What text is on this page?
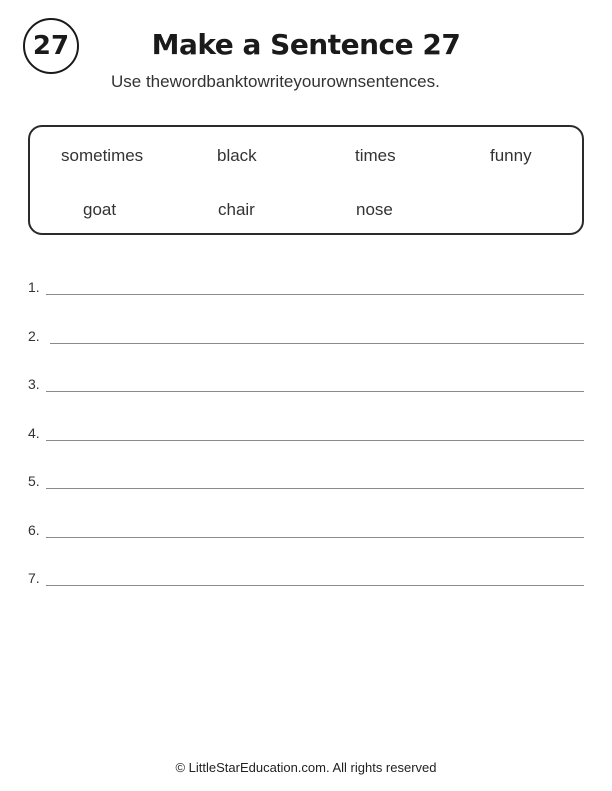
27	Make a Sentence 27
Use thewordbanktowriteyourownsentences.
sometimes	black	times	funny
goat	chair	nose
1.
2.
3.
4.
5.
6.
7.
© LittleStarEducation.com. All rights reserved
